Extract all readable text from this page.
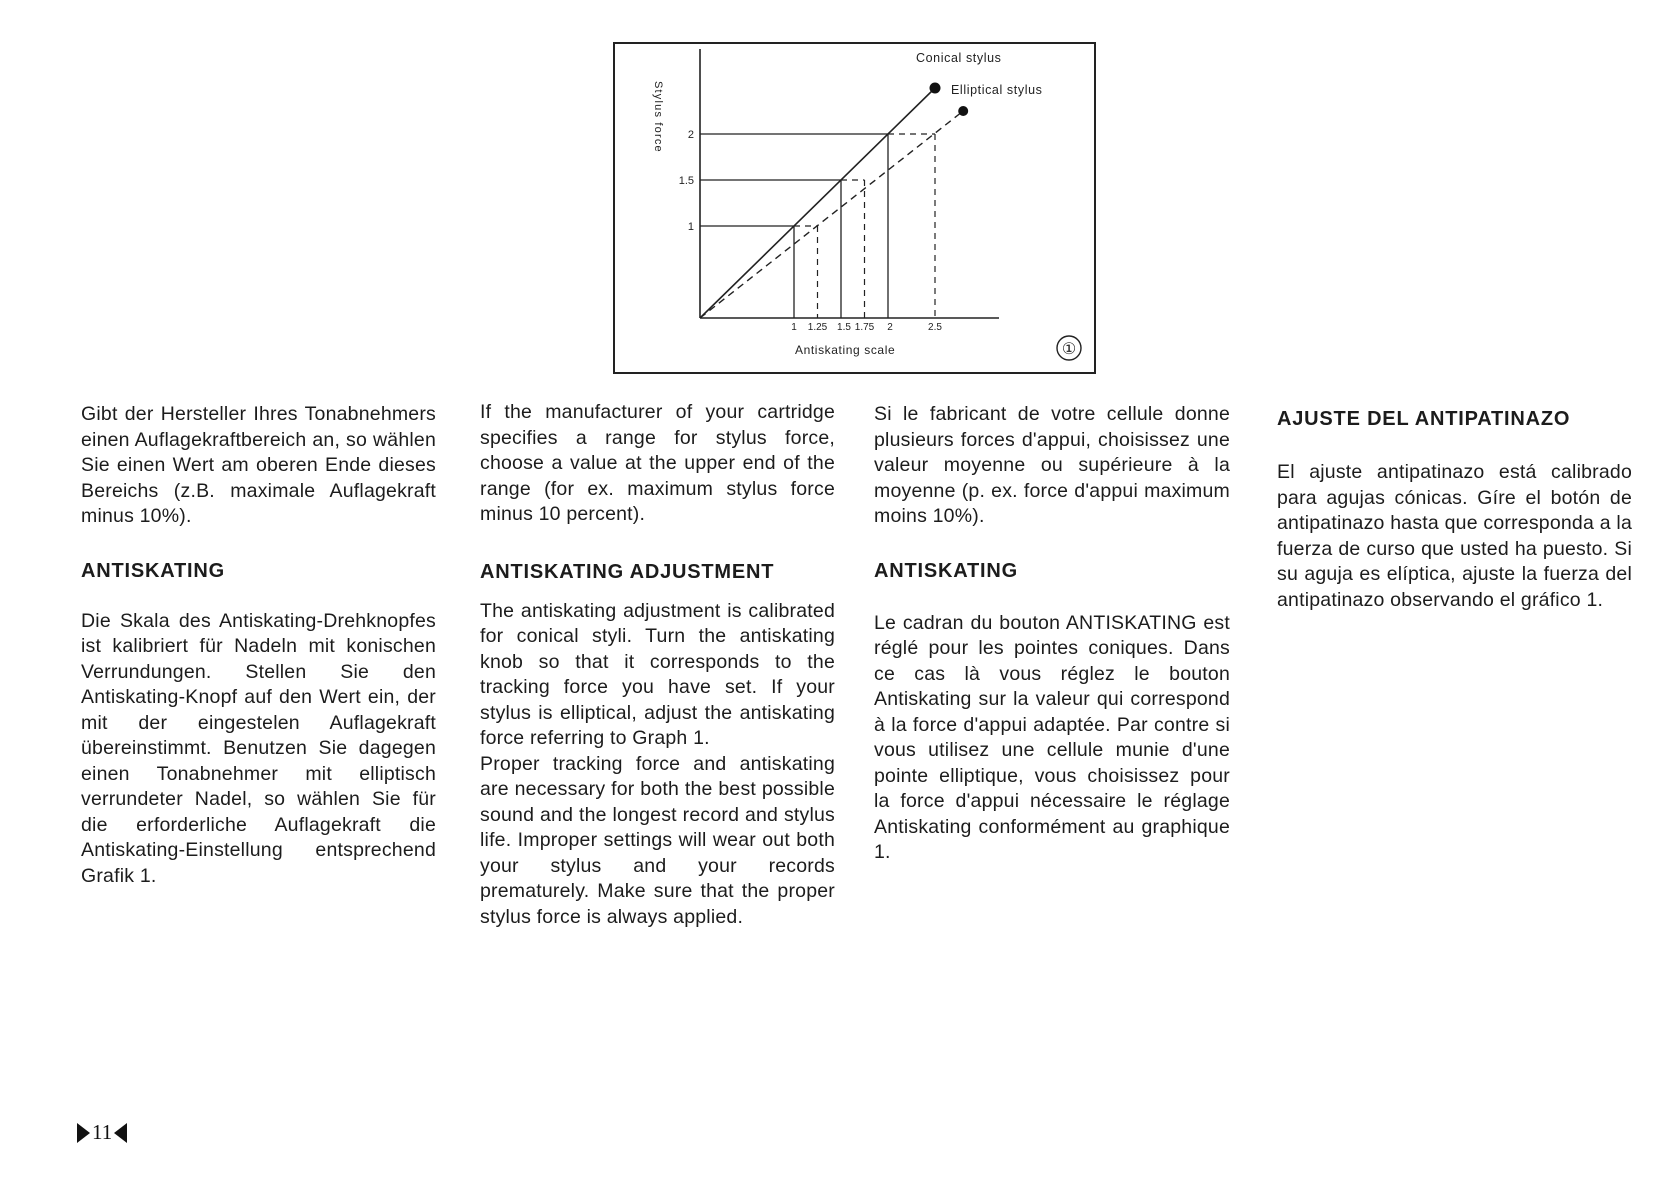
1
1.5
2
1 1.25 1.5 1.75 2	2.5
Conical stylus
Elliptical stylus
Stylus force
Antiskating scale	①

Gibt der Hersteller Ihres Tonabnehmers einen Auflagekraftbereich an, so wählen Sie einen Wert am oberen Ende dieses Bereichs (z.B. maximale Auflagekraft minus 10%).

ANTISKATING

Die Skala des Antiskating-Drehknopfes ist kalibriert für Nadeln mit konischen Verrundungen. Stellen Sie den Antiskating-Knopf auf den Wert ein, der mit der eingestelen Auflagekraft übereinstimmt. Benutzen Sie dagegen einen Tonabnehmer mit elliptisch verrundeter Nadel, so wählen Sie für die erforderliche Auflagekraft die Antiskating-Einstellung entsprechend Grafik 1.

If the manufacturer of your cartridge specifies a range for stylus force, choose a value at the upper end of the range (for ex. maximum stylus force minus 10 percent).

ANTISKATING ADJUSTMENT

The antiskating adjustment is calibrated for conical styli. Turn the antiskating knob so that it corresponds to the tracking force you have set. If your stylus is elliptical, adjust the antiskating force referring to Graph 1.

Proper tracking force and antiskating are necessary for both the best possible sound and the longest record and stylus life. Improper settings will wear out both your stylus and your records prematurely. Make sure that the proper stylus force is always applied.

Si le fabricant de votre cellule donne plusieurs forces d'appui, choisissez une valeur moyenne ou supérieure à la moyenne (p. ex. force d'appui maximum moins 10%).

ANTISKATING

Le cadran du bouton ANTISKATING est réglé pour les pointes coniques. Dans ce cas là vous réglez le bouton Antiskating sur la valeur qui correspond à la force d'appui adaptée. Par contre si vous utilisez une cellule munie d'une pointe elliptique, vous choisissez pour la force d'appui nécessaire le réglage Antiskating conformément au graphique 1.

AJUSTE DEL ANTIPATINAZO

El ajuste antipatinazo está calibrado para agujas cónicas. Gíre el botón de antipatinazo hasta que corresponda a la fuerza de curso que usted ha puesto. Si su aguja es elíptica, ajuste la fuerza del antipatinazo observando el gráfico 1.

11
